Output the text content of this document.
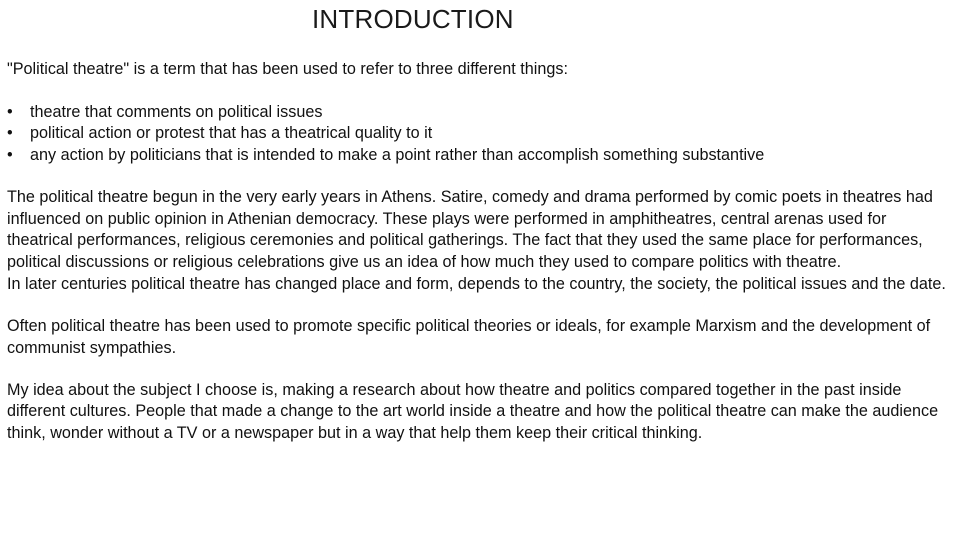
INTRODUCTION

"Political theatre" is a term that has been used to refer to three different things:

•	theatre that comments on political issues
•	political action or protest that has a theatrical quality to it
•	any action by politicians that is intended to make a point rather than accomplish something substantive

The political theatre begun in the very early years in Athens. Satire, comedy and drama performed by comic poets in theatres had influenced on public opinion in Athenian democracy. These plays were performed in amphitheatres, central arenas used for theatrical performances, religious ceremonies and political gatherings. The fact that they used the same place for performances, political discussions or religious celebrations give us an idea of how much they used to compare politics with theatre.

In later centuries political theatre has changed place and form, depends to the country, the society, the political issues and the date.

Often political theatre has been used to promote specific political theories or ideals, for example Marxism and the development of communist sympathies.

My idea about the subject I choose is, making a research about how theatre and politics compared together in the past inside different cultures. People that made a change to the art world inside a theatre and how the political theatre can make the audience think, wonder without a TV or a newspaper but in a way that help them keep their critical thinking.
